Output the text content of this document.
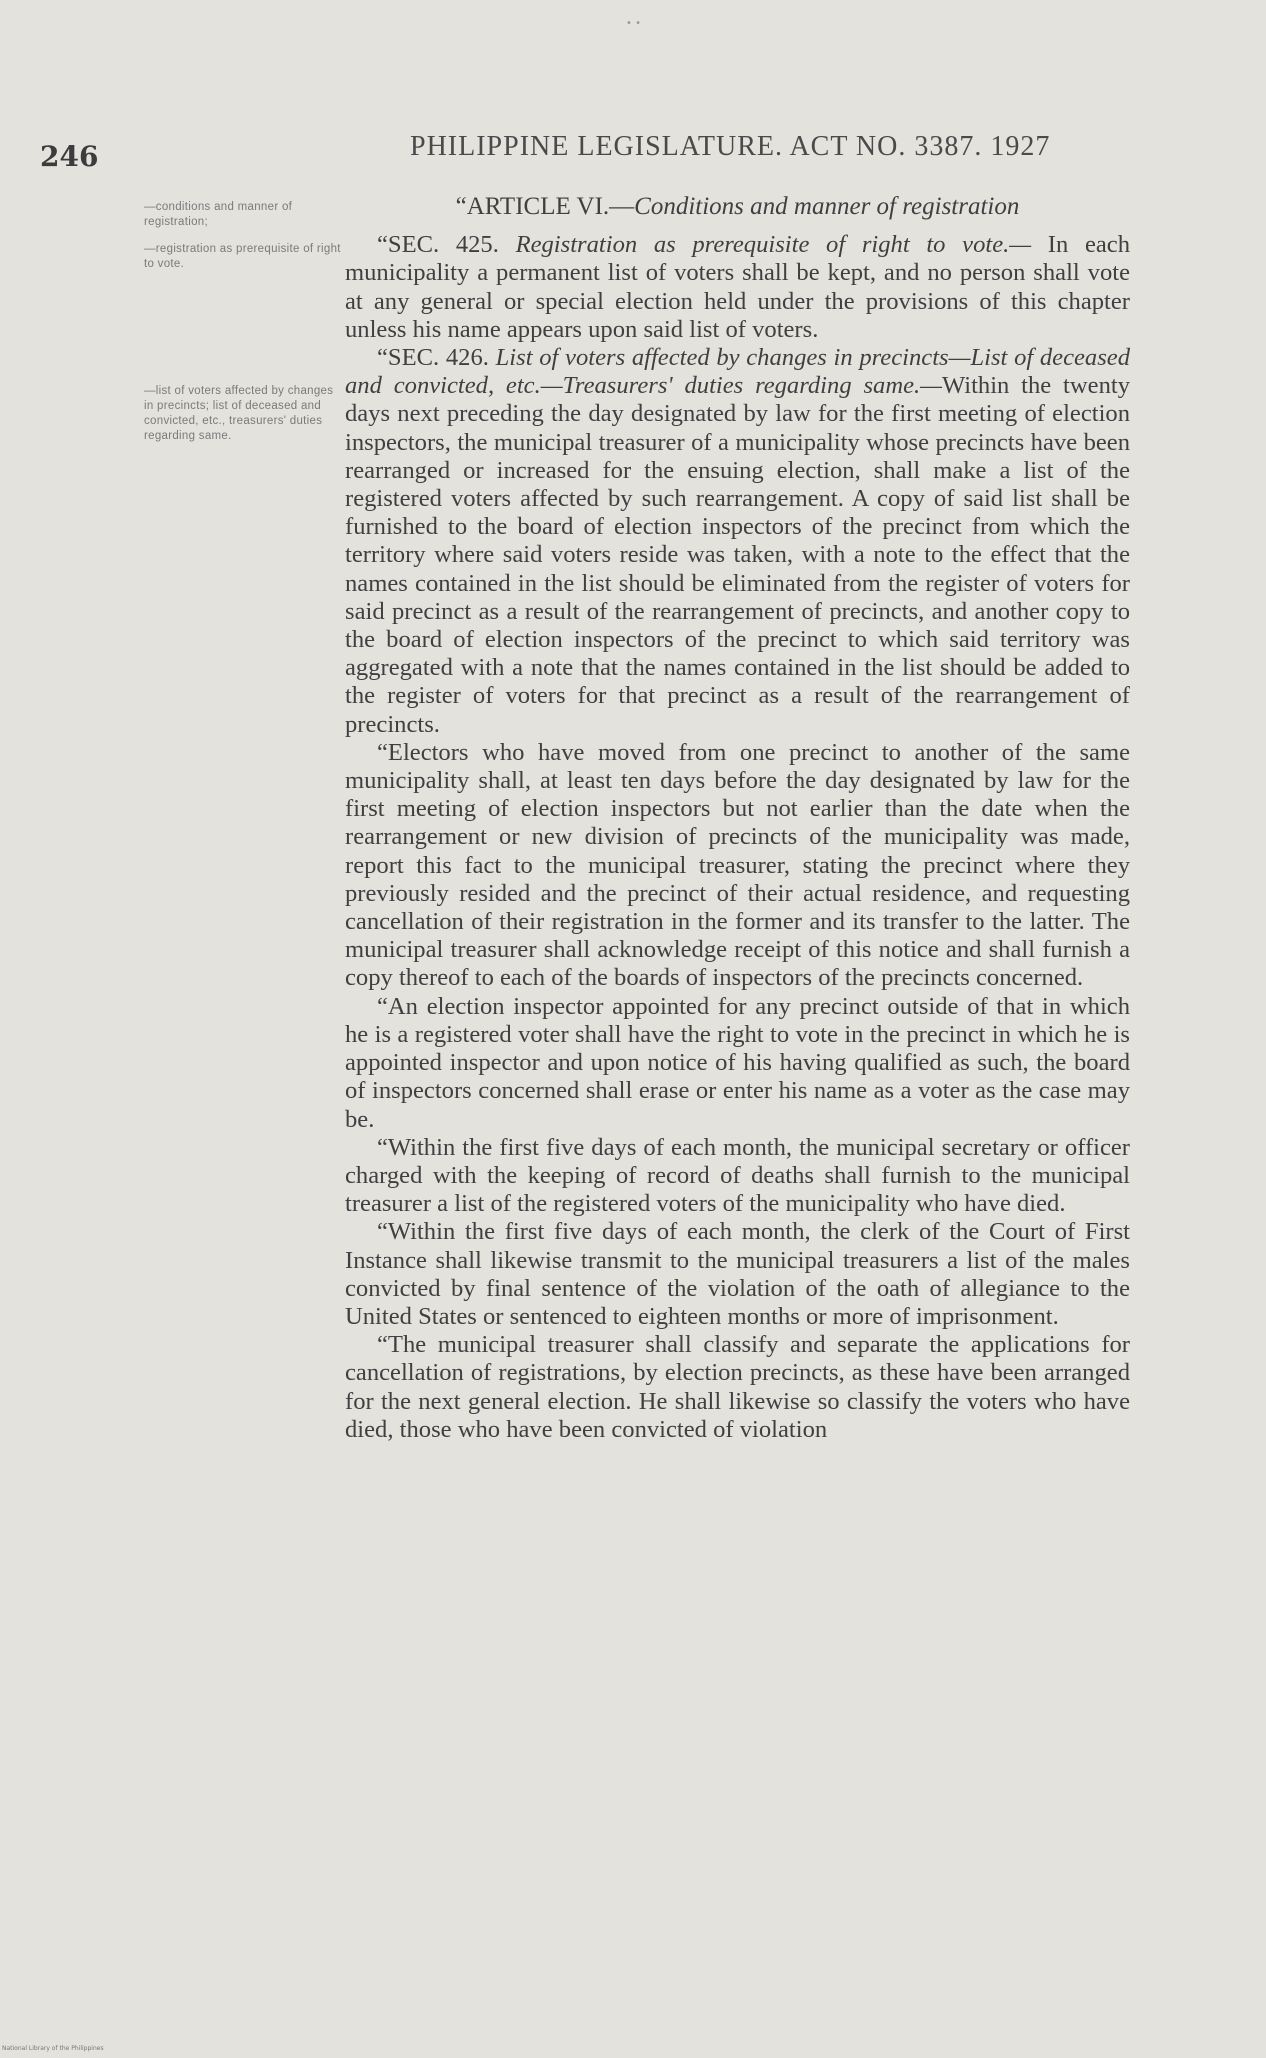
• •
246	PHILIPPINE LEGISLATURE. ACT NO. 3387. 1927
—conditions and manner of registration;
—registration as prerequisite of right to vote.
—list of voters affected by changes in precincts; list of deceased and convicted, etc., treasurers' duties regarding same.
“ARTICLE VI.—Conditions and manner of registration

“SEC. 425. Registration as prerequisite of right to vote.— In each municipality a permanent list of voters shall be kept, and no person shall vote at any general or special election held under the provisions of this chapter unless his name appears upon said list of voters.

“SEC. 426. List of voters affected by changes in precincts—List of deceased and convicted, etc.—Treasurers' duties regarding same.—Within the twenty days next preceding the day designated by law for the first meeting of election inspectors, the municipal treasurer of a municipality whose precincts have been rearranged or increased for the ensuing election, shall make a list of the registered voters affected by such rearrangement. A copy of said list shall be furnished to the board of election inspectors of the precinct from which the territory where said voters reside was taken, with a note to the effect that the names contained in the list should be eliminated from the register of voters for said precinct as a result of the rearrangement of precincts, and another copy to the board of election inspectors of the precinct to which said territory was aggregated with a note that the names contained in the list should be added to the register of voters for that precinct as a result of the rearrangement of precincts.

“Electors who have moved from one precinct to another of the same municipality shall, at least ten days before the day designated by law for the first meeting of election inspectors but not earlier than the date when the rearrangement or new division of precincts of the municipality was made, report this fact to the municipal treasurer, stating the precinct where they previously resided and the precinct of their actual residence, and requesting cancellation of their registration in the former and its transfer to the latter. The municipal treasurer shall acknowledge receipt of this notice and shall furnish a copy thereof to each of the boards of inspectors of the precincts concerned.

“An election inspector appointed for any precinct outside of that in which he is a registered voter shall have the right to vote in the precinct in which he is appointed inspector and upon notice of his having qualified as such, the board of inspectors concerned shall erase or enter his name as a voter as the case may be.

“Within the first five days of each month, the municipal secretary or officer charged with the keeping of record of deaths shall furnish to the municipal treasurer a list of the registered voters of the municipality who have died.

“Within the first five days of each month, the clerk of the Court of First Instance shall likewise transmit to the municipal treasurers a list of the males convicted by final sentence of the violation of the oath of allegiance to the United States or sentenced to eighteen months or more of imprisonment.

“The municipal treasurer shall classify and separate the applications for cancellation of registrations, by election precincts, as these have been arranged for the next general election. He shall likewise so classify the voters who have died, those who have been convicted of violation

National Library of the Philippines
